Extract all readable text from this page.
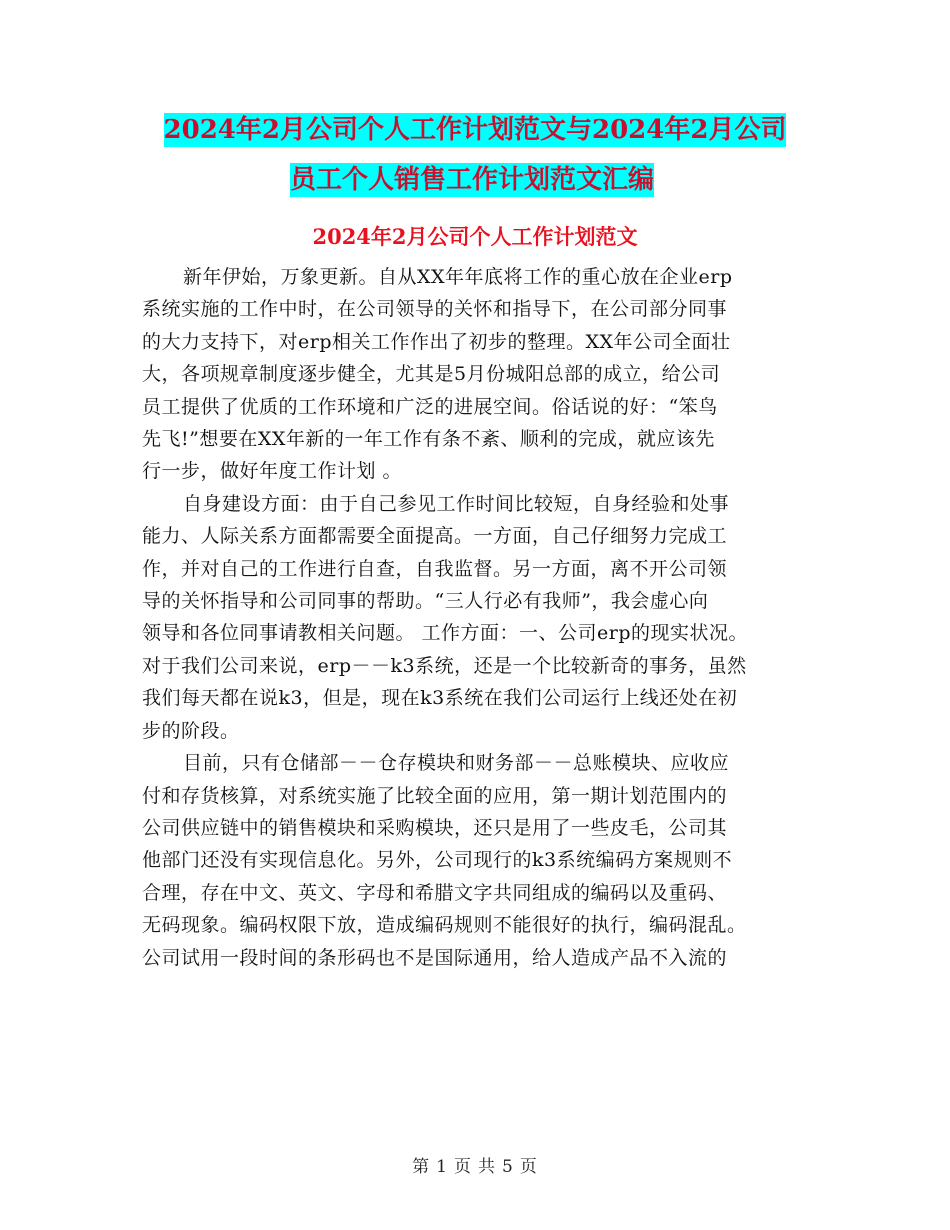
2024年2月公司个人工作计划范文与2024年2月公司
员工个人销售工作计划范文汇编
2024年2月公司个人工作计划范文
新年伊始，万象更新。自从XX年年底将工作的重心放在企业erp
系统实施的工作中时，在公司领导的关怀和指导下，在公司部分同事
的大力支持下，对erp相关工作作出了初步的整理。XX年公司全面壮
大，各项规章制度逐步健全，尤其是5月份城阳总部的成立，给公司
员工提供了优质的工作环境和广泛的进展空间。俗话说的好：“笨鸟
先飞!”想要在XX年新的一年工作有条不紊、顺利的完成，就应该先
行一步，做好年度工作计划 。
自身建设方面：由于自己参见工作时间比较短，自身经验和处事
能力、人际关系方面都需要全面提高。一方面，自己仔细努力完成工
作，并对自己的工作进行自查，自我监督。另一方面，离不开公司领
导的关怀指导和公司同事的帮助。“三人行必有我师”，我会虚心向
领导和各位同事请教相关问题。 工作方面：一、公司erp的现实状况。
对于我们公司来说，erp－－k3系统，还是一个比较新奇的事务，虽然
我们每天都在说k3，但是，现在k3系统在我们公司运行上线还处在初
步的阶段。
目前，只有仓储部－－仓存模块和财务部－－总账模块、应收应
付和存货核算，对系统实施了比较全面的应用，第一期计划范围内的
公司供应链中的销售模块和采购模块，还只是用了一些皮毛，公司其
他部门还没有实现信息化。另外，公司现行的k3系统编码方案规则不
合理，存在中文、英文、字母和希腊文字共同组成的编码以及重码、
无码现象。编码权限下放，造成编码规则不能很好的执行，编码混乱。
公司试用一段时间的条形码也不是国际通用，给人造成产品不入流的
第 1 页 共 5 页
